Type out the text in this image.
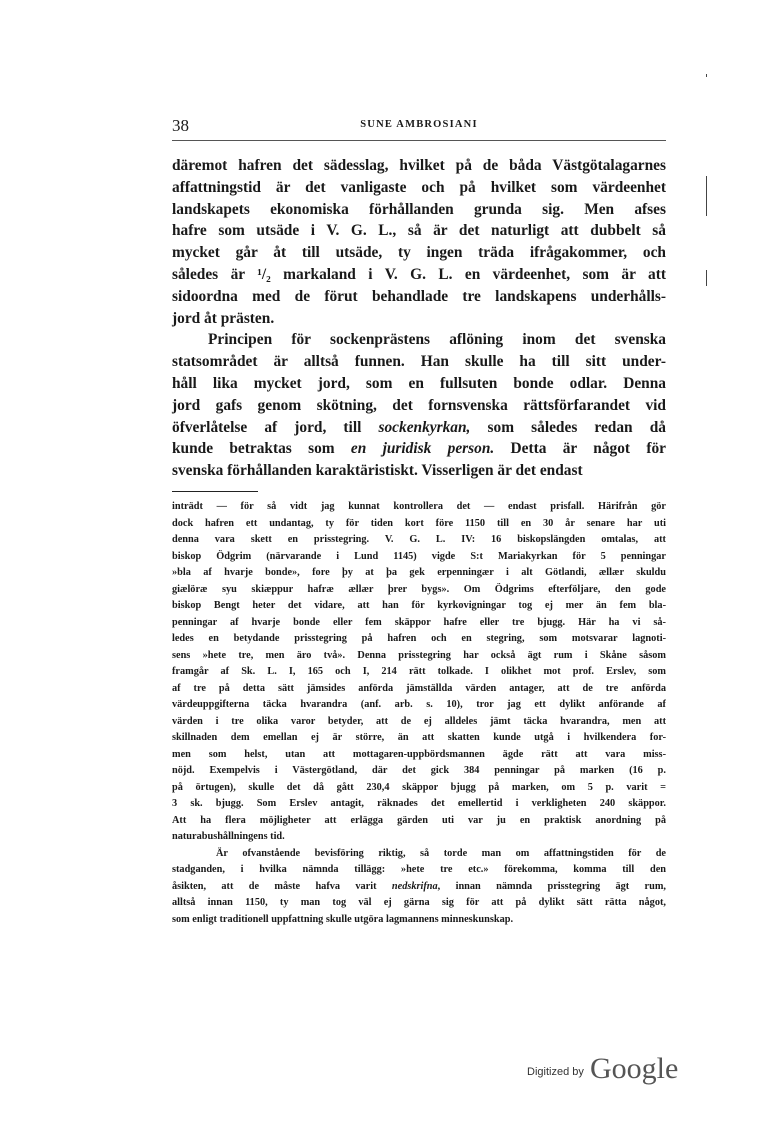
38	SUNE AMBROSIANI

däremot hafren det sädesslag, hvilket på de båda Västgötalagarnes
affattningstid är det vanligaste och på hvilket som värdeenhet
landskapets ekonomiska förhållanden grunda sig. Men afses
hafre som utsäde i V. G. L., så är det naturligt att dubbelt så
mycket går åt till utsäde, ty ingen träda ifrågakommer, och
således är ¹/₂ markaland i V. G. L. en värdeenhet, som är att
sidoordna med de förut behandlade tre landskapens underhålls-
jord åt prästen.

Principen för sockenprästens aflöning inom det svenska
statsområdet är alltså funnen. Han skulle ha till sitt under-
håll lika mycket jord, som en fullsuten bonde odlar. Denna
jord gafs genom skötning, det fornsvenska rättsförfarandet vid
öfverlåtelse af jord, till sockenkyrkan, som således redan då
kunde betraktas som en juridisk person. Detta är något för
svenska förhållanden karaktäristiskt. Visserligen är det endast

inträdt — för så vidt jag kunnat kontrollera det — endast prisfall. Härifrån gör
dock hafren ett undantag, ty för tiden kort före 1150 till en 30 år senare har uti
denna vara skett en prisstegring. V. G. L. IV: 16 biskopslängden omtalas, att
biskop Ödgrim (närvarande i Lund 1145) vigde S:t Mariakyrkan för 5 penningar
»bla af hvarje bonde», fore þy at þa gek erpenningær i alt Götlandi, ællær skuldu
giælöræ syu skiæppur hafræ ællær þrer bygs». Om Ödgrims efterföljare, den gode
biskop Bengt heter det vidare, att han för kyrkovigningar tog ej mer än fem bla-
penningar af hvarje bonde eller fem skäppor hafre eller tre bjugg. Här ha vi så-
ledes en betydande prisstegring på hafren och en stegring, som motsvarar lagnoti-
sens »hete tre, men äro två». Denna prisstegring har också ägt rum i Skåne såsom
framgår af Sk. L. I, 165 och I, 214 rätt tolkade. I olikhet mot prof. Erslev, som
af tre på detta sätt jämsides anförda jämställda värden antager, att de tre anförda
värdeuppgifterna täcka hvarandra (anf. arb. s. 10), tror jag ett dylikt anförande af
värden i tre olika varor betyder, att de ej alldeles jämt täcka hvarandra, men att
skillnaden dem emellan ej är större, än att skatten kunde utgå i hvilkendera for-
men som helst, utan att mottagaren-uppbördsmannen ägde rätt att vara miss-
nöjd. Exempelvis i Västergötland, där det gick 384 penningar på marken (16 p.
på örtugen), skulle det då gått 230,4 skäppor bjugg på marken, om 5 p. varit =
3 sk. bjugg. Som Erslev antagit, räknades det emellertid i verkligheten 240 skäppor.
Att ha flera möjligheter att erlägga gärden uti var ju en praktisk anordning på
naturabushållningens tid.
Är ofvanstående bevisföring riktig, så torde man om affattningstiden för de
stadganden, i hvilka nämnda tillägg: »hete tre etc.» förekomma, komma till den
åsikten, att de måste hafva varit nedskrifna, innan nämnda prisstegring ägt rum,
alltså innan 1150, ty man tog väl ej gärna sig för att på dylikt sätt rätta något,
som enligt traditionell uppfattning skulle utgöra lagmannens minneskunskap.
Digitized by Google
